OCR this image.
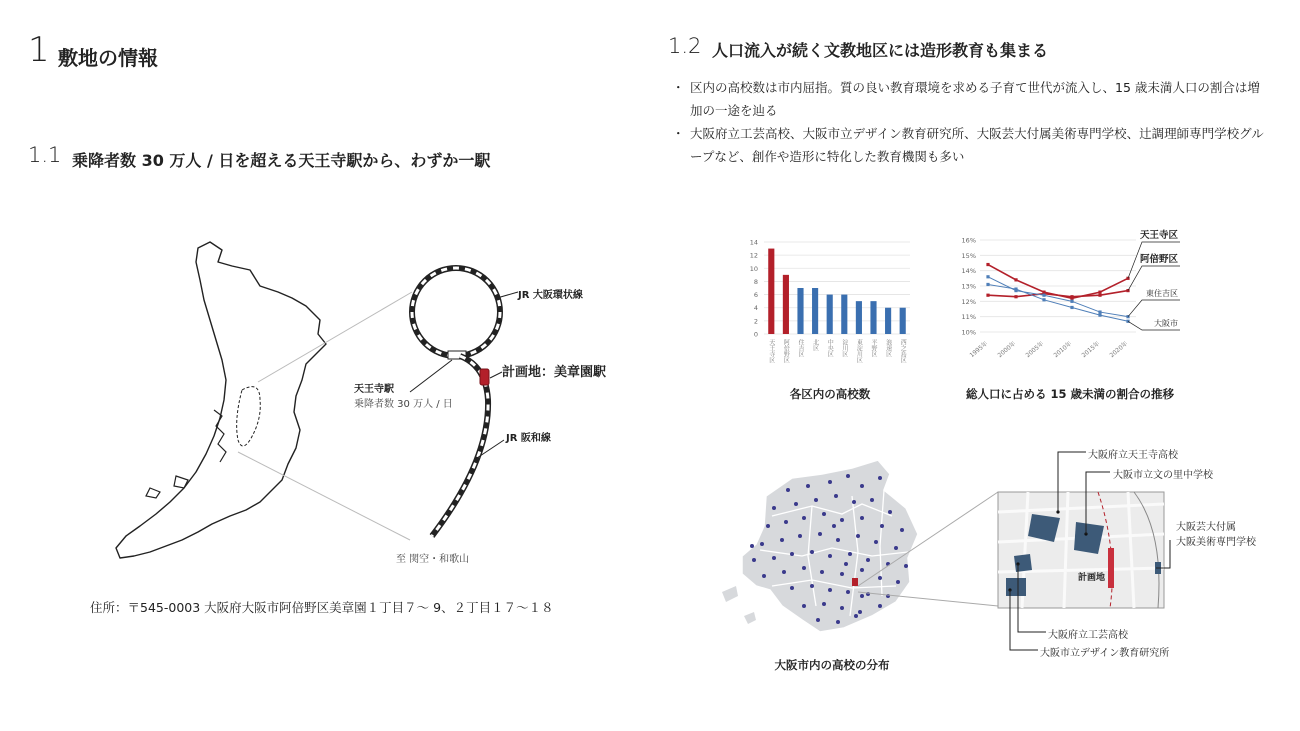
1 敷地の情報
1.1 乗降者数 30 万人 / 日を超える天王寺駅から、わずか一駅
1.2 人口流入が続く文教地区には造形教育も集まる
・ 区内の高校数は市内屈指。質の良い教育環境を求める子育て世代が流入し、15 歳未満人口の割合は増加の一途を辿る
・ 大阪府立工芸高校、大阪市立デザイン教育研究所、大阪芸大付属美術専門学校、辻調理師専門学校グループなど、創作や造形に特化した教育機関も多い
JR 大阪環状線
天王寺駅
乗降者数 30 万人 / 日
計画地：美章園駅
JR 阪和線
至 関空・和歌山
住所：〒545-0003 大阪府大阪市阿倍野区美章園１丁目７～ 9、２丁目１７～１８
0
2
4
6
8
10
12
14
天王寺区 阿倍野区 住吉区 北区 中央区 淀川区 東淀川区 平野区 浪速区 西之島区
各区内の高校数
10%
11%
12%
13%
14%
15%
16%
1995年 2000年 2005年 2010年 2015年 2020年
天王寺区
阿倍野区
東住吉区
大阪市
総人口に占める 15 歳未満の割合の推移
大阪市内の高校の分布
計画地
大阪府立天王寺高校
大阪市立文の里中学校
大阪芸大付属
大阪美術専門学校
大阪府立工芸高校
大阪市立デザイン教育研究所
